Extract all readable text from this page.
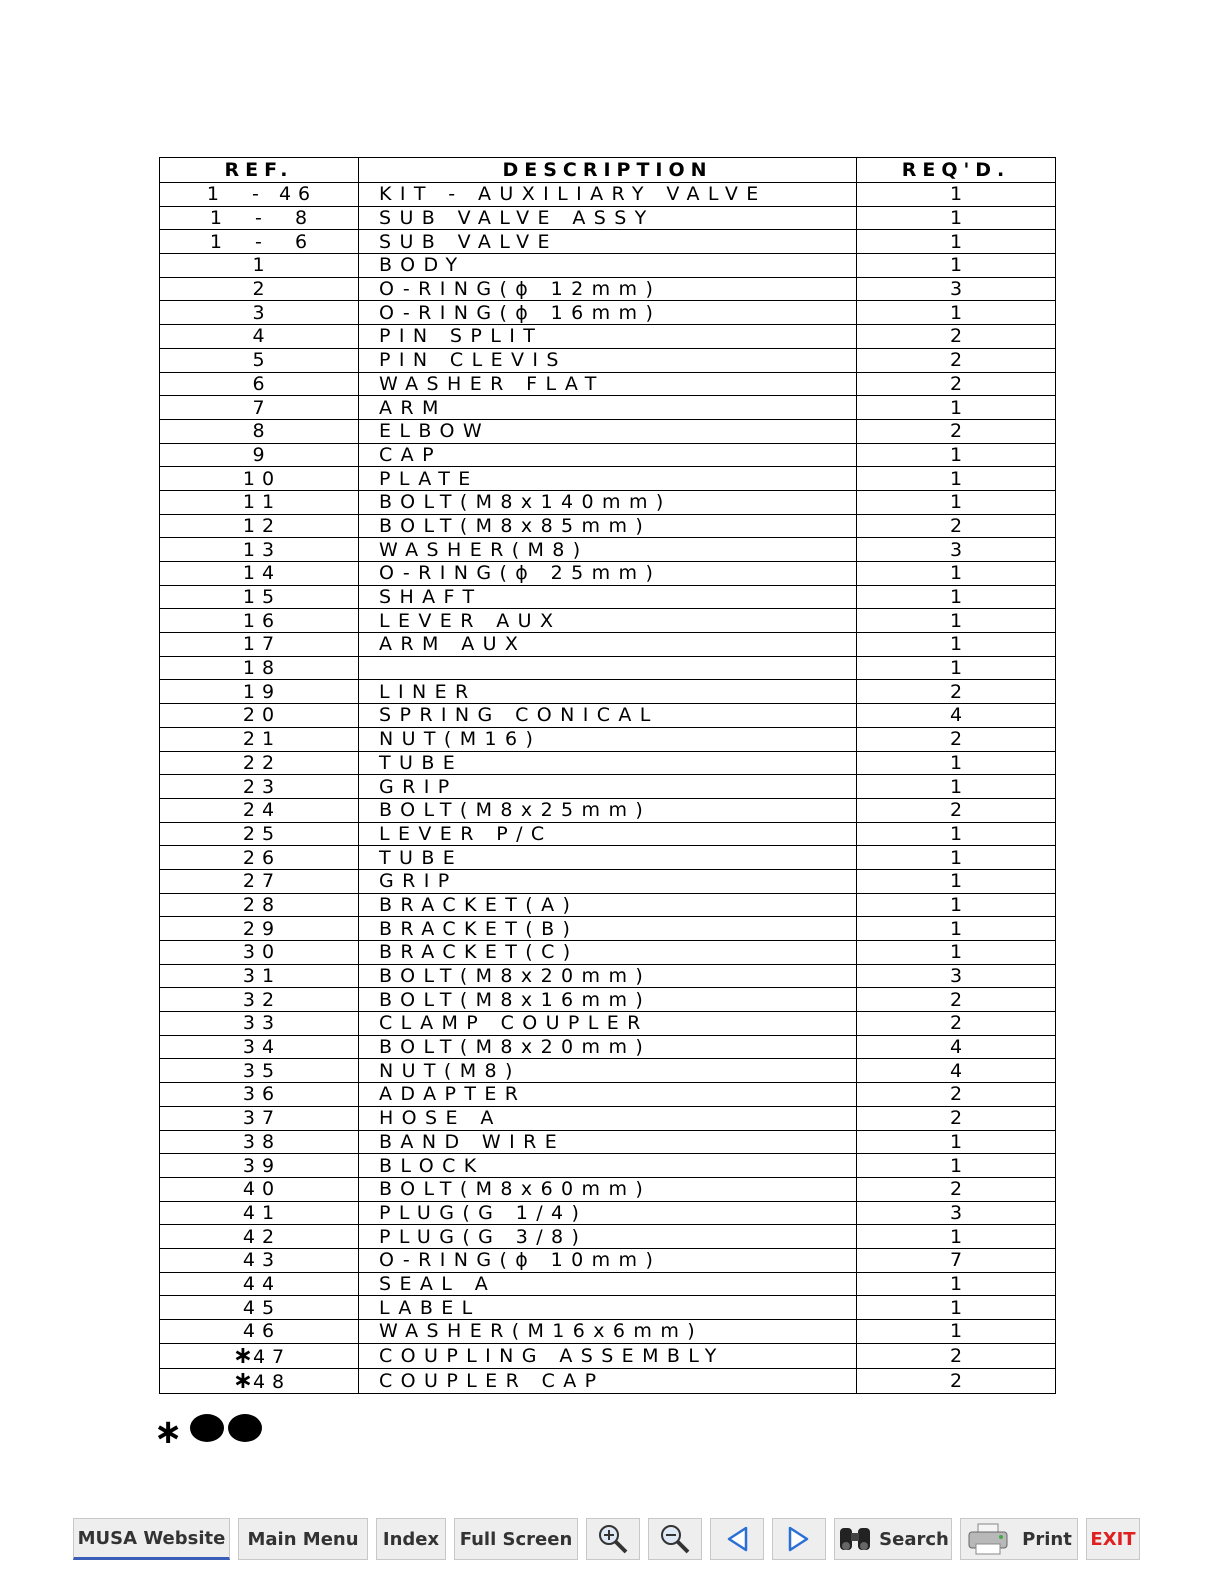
REF.	DESCRIPTION	REQ'D.
1  - 46	KIT - AUXILIARY VALVE	1
1  -  8	SUB VALVE ASSY	1
1  -  6	SUB VALVE	1
1	BODY	1
2	O-RING(ϕ 12mm)	3
3	O-RING(ϕ 16mm)	1
4	PIN SPLIT	2
5	PIN CLEVIS	2
6	WASHER FLAT	2
7	ARM	1
8	ELBOW	2
9	CAP	1
10	PLATE	1
11	BOLT(M8x140mm)	1
12	BOLT(M8x85mm)	2
13	WASHER(M8)	3
14	O-RING(ϕ 25mm)	1
15	SHAFT	1
16	LEVER AUX	1
17	ARM AUX	1
18		1
19	LINER	2
20	SPRING CONICAL	4
21	NUT(M16)	2
22	TUBE	1
23	GRIP	1
24	BOLT(M8x25mm)	2
25	LEVER P/C	1
26	TUBE	1
27	GRIP	1
28	BRACKET(A)	1
29	BRACKET(B)	1
30	BRACKET(C)	1
31	BOLT(M8x20mm)	3
32	BOLT(M8x16mm)	2
33	CLAMP COUPLER	2
34	BOLT(M8x20mm)	4
35	NUT(M8)	4
36	ADAPTER	2
37	HOSE A	2
38	BAND WIRE	1
39	BLOCK	1
40	BOLT(M8x60mm)	2
41	PLUG(G 1/4)	3
42	PLUG(G 3/8)	1
43	O-RING(ϕ 10mm)	7
44	SEAL A	1
45	LABEL	1
46	WASHER(M16x6mm)	1
∗47	COUPLING ASSEMBLY	2
∗48	COUPLER CAP	2
∗
MUSA Website Main Menu Index Full Screen	Search	Print EXIT
